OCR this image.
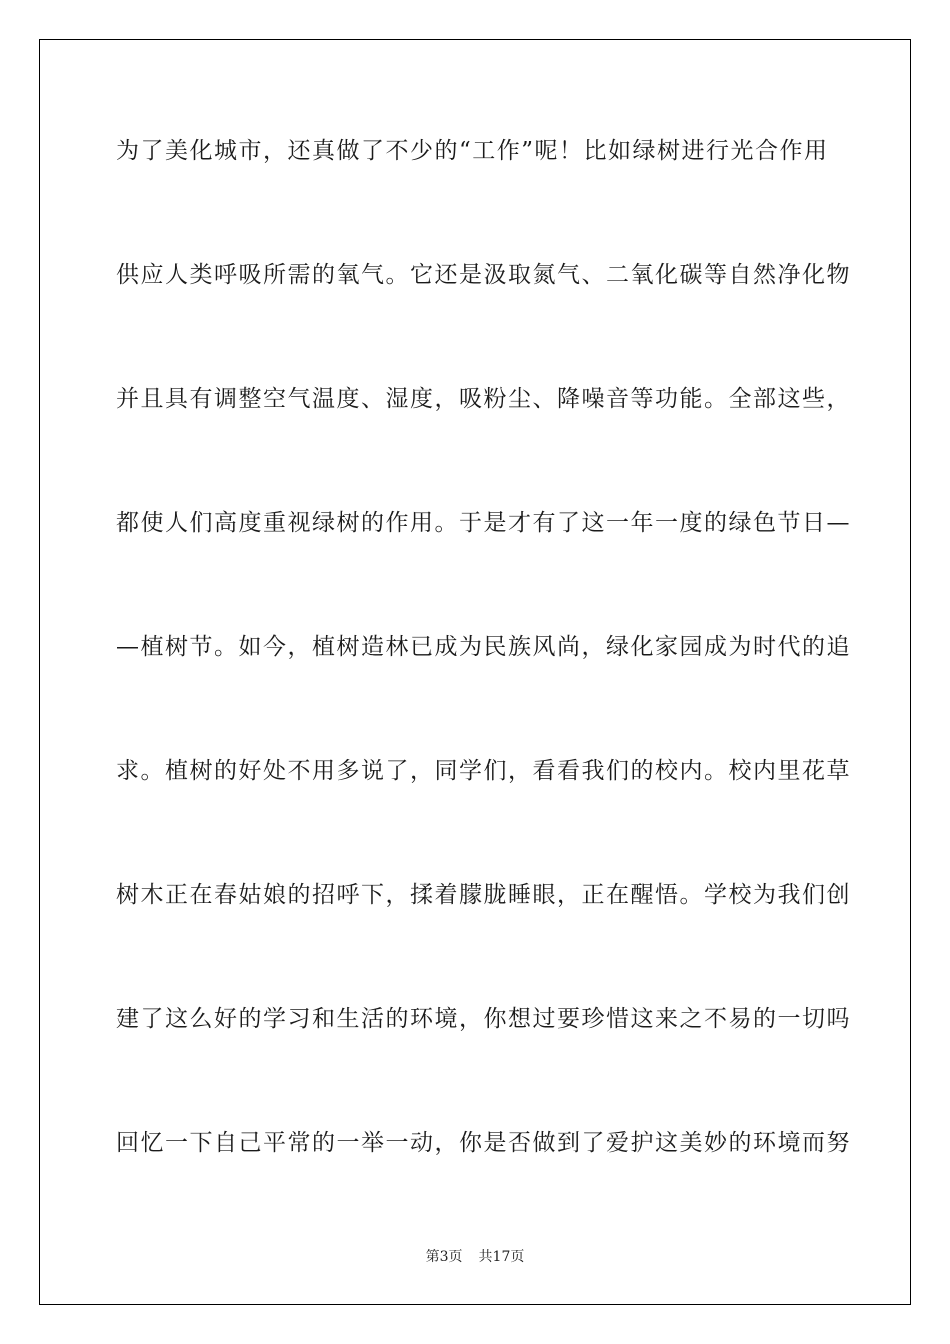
为了美化城市，还真做了不少的“工作”呢！比如绿树进行光合作用
供应人类呼吸所需的氧气。它还是汲取氮气、二氧化碳等自然净化物
并且具有调整空气温度、湿度，吸粉尘、降噪音等功能。全部这些，
都使人们高度重视绿树的作用。于是才有了这一年一度的绿色节日—
—植树节。如今，植树造林已成为民族风尚，绿化家园成为时代的追
求。植树的好处不用多说了，同学们，看看我们的校内。校内里花草
树木正在春姑娘的招呼下，揉着朦胧睡眼，正在醒悟。学校为我们创
建了这么好的学习和生活的环境，你想过要珍惜这来之不易的一切吗
回忆一下自己平常的一举一动，你是否做到了爱护这美妙的环境而努
第3页 共17页
